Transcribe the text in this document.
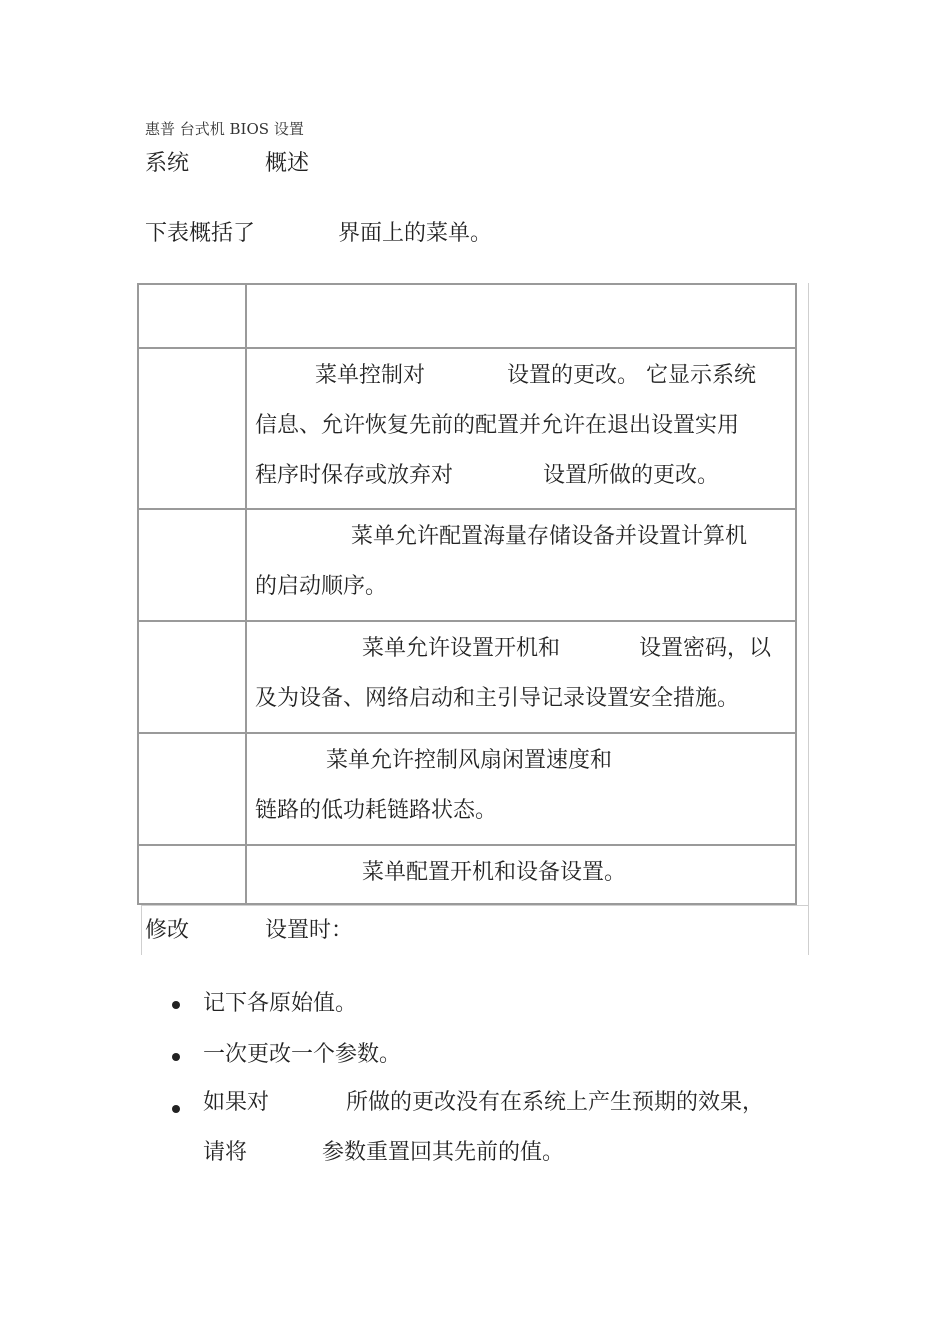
惠普 台式机 BIOS 设置
系统	概述
下表概括了	界面上的菜单。
菜单控制对	设置的更改。 它显示系统
信息、允许恢复先前的配置并允许在退出设置实用
程序时保存或放弃对	设置所做的更改。
菜单允许配置海量存储设备并设置计算机
的启动顺序。
菜单允许设置开机和	设置密码，以
及为设备、网络启动和主引导记录设置安全措施。
菜单允许控制风扇闲置速度和
链路的低功耗链路状态。
菜单配置开机和设备设置。
修改	设置时：
记下各原始值。
一次更改一个参数。
如果对	所做的更改没有在系统上产生预期的效果，
请将	参数重置回其先前的值。
